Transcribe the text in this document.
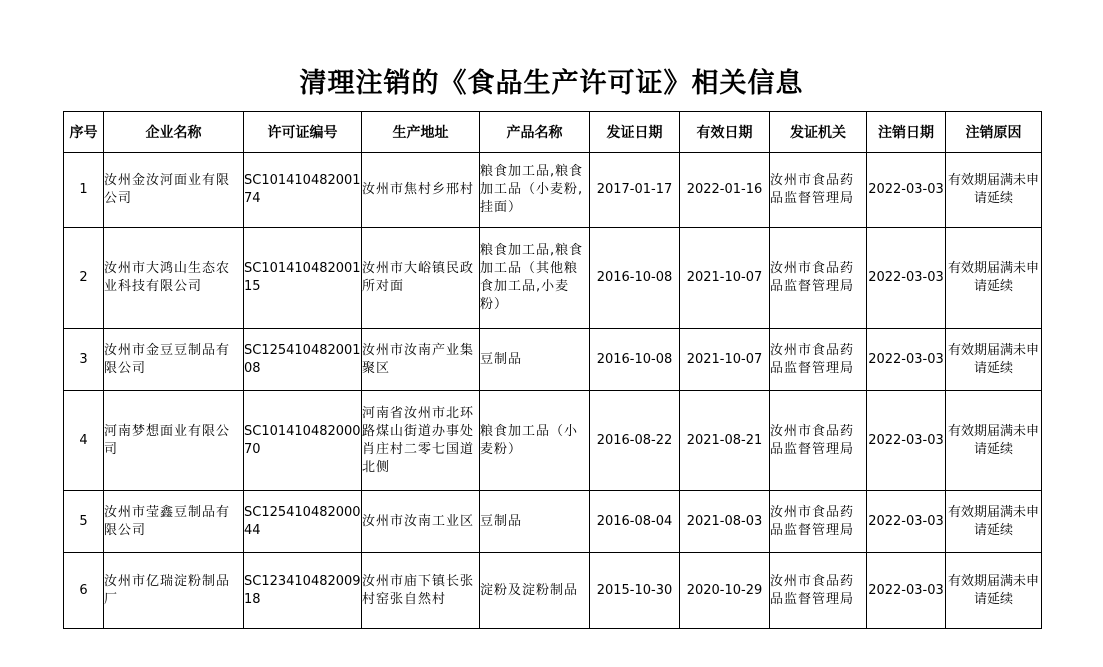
清理注销的《食品生产许可证》相关信息
序号	企业名称	许可证编号	生产地址	产品名称	发证日期	有效日期	发证机关	注销日期	注销原因
1	汝州金汝河面业有限公司	SC10141048200174	汝州市焦村乡邢村	粮食加工品,粮食加工品（小麦粉,挂面）	2017-01-17	2022-01-16	汝州市食品药品监督管理局	2022-03-03	有效期届满未申请延续
2	汝州市大鸿山生态农业科技有限公司	SC10141048200115	汝州市大峪镇民政所对面	粮食加工品,粮食加工品（其他粮食加工品,小麦粉）	2016-10-08	2021-10-07	汝州市食品药品监督管理局	2022-03-03	有效期届满未申请延续
3	汝州市金豆豆制品有限公司	SC12541048200108	汝州市汝南产业集聚区	豆制品	2016-10-08	2021-10-07	汝州市食品药品监督管理局	2022-03-03	有效期届满未申请延续
4	河南梦想面业有限公司	SC10141048200070	河南省汝州市北环路煤山街道办事处肖庄村二零七国道北侧	粮食加工品（小麦粉）	2016-08-22	2021-08-21	汝州市食品药品监督管理局	2022-03-03	有效期届满未申请延续
5	汝州市莹鑫豆制品有限公司	SC12541048200044	汝州市汝南工业区	豆制品	2016-08-04	2021-08-03	汝州市食品药品监督管理局	2022-03-03	有效期届满未申请延续
6	汝州市亿瑞淀粉制品厂	SC12341048200918	汝州市庙下镇长张村窑张自然村	淀粉及淀粉制品	2015-10-30	2020-10-29	汝州市食品药品监督管理局	2022-03-03	有效期届满未申请延续
